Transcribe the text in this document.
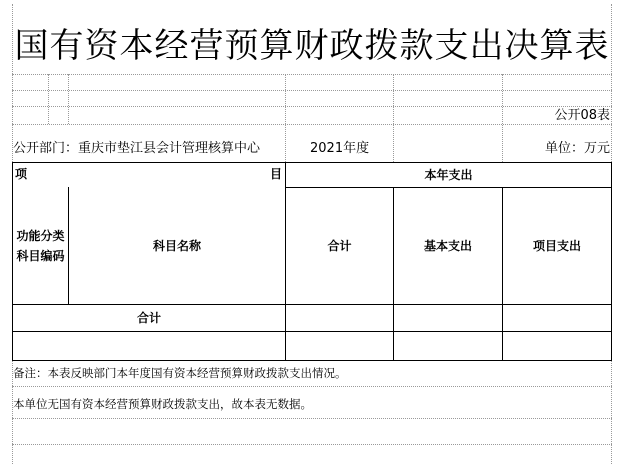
国有资本经营预算财政拨款支出决算表
公开08表
公开部门：重庆市垫江县会计管理核算中心	2021年度	单位：万元
项	目	本年支出
功能分类
科目编码
科目名称	合计	基本支出	项目支出
合计
备注：本表反映部门本年度国有资本经营预算财政拨款支出情况。
本单位无国有资本经营预算财政拨款支出，故本表无数据。
